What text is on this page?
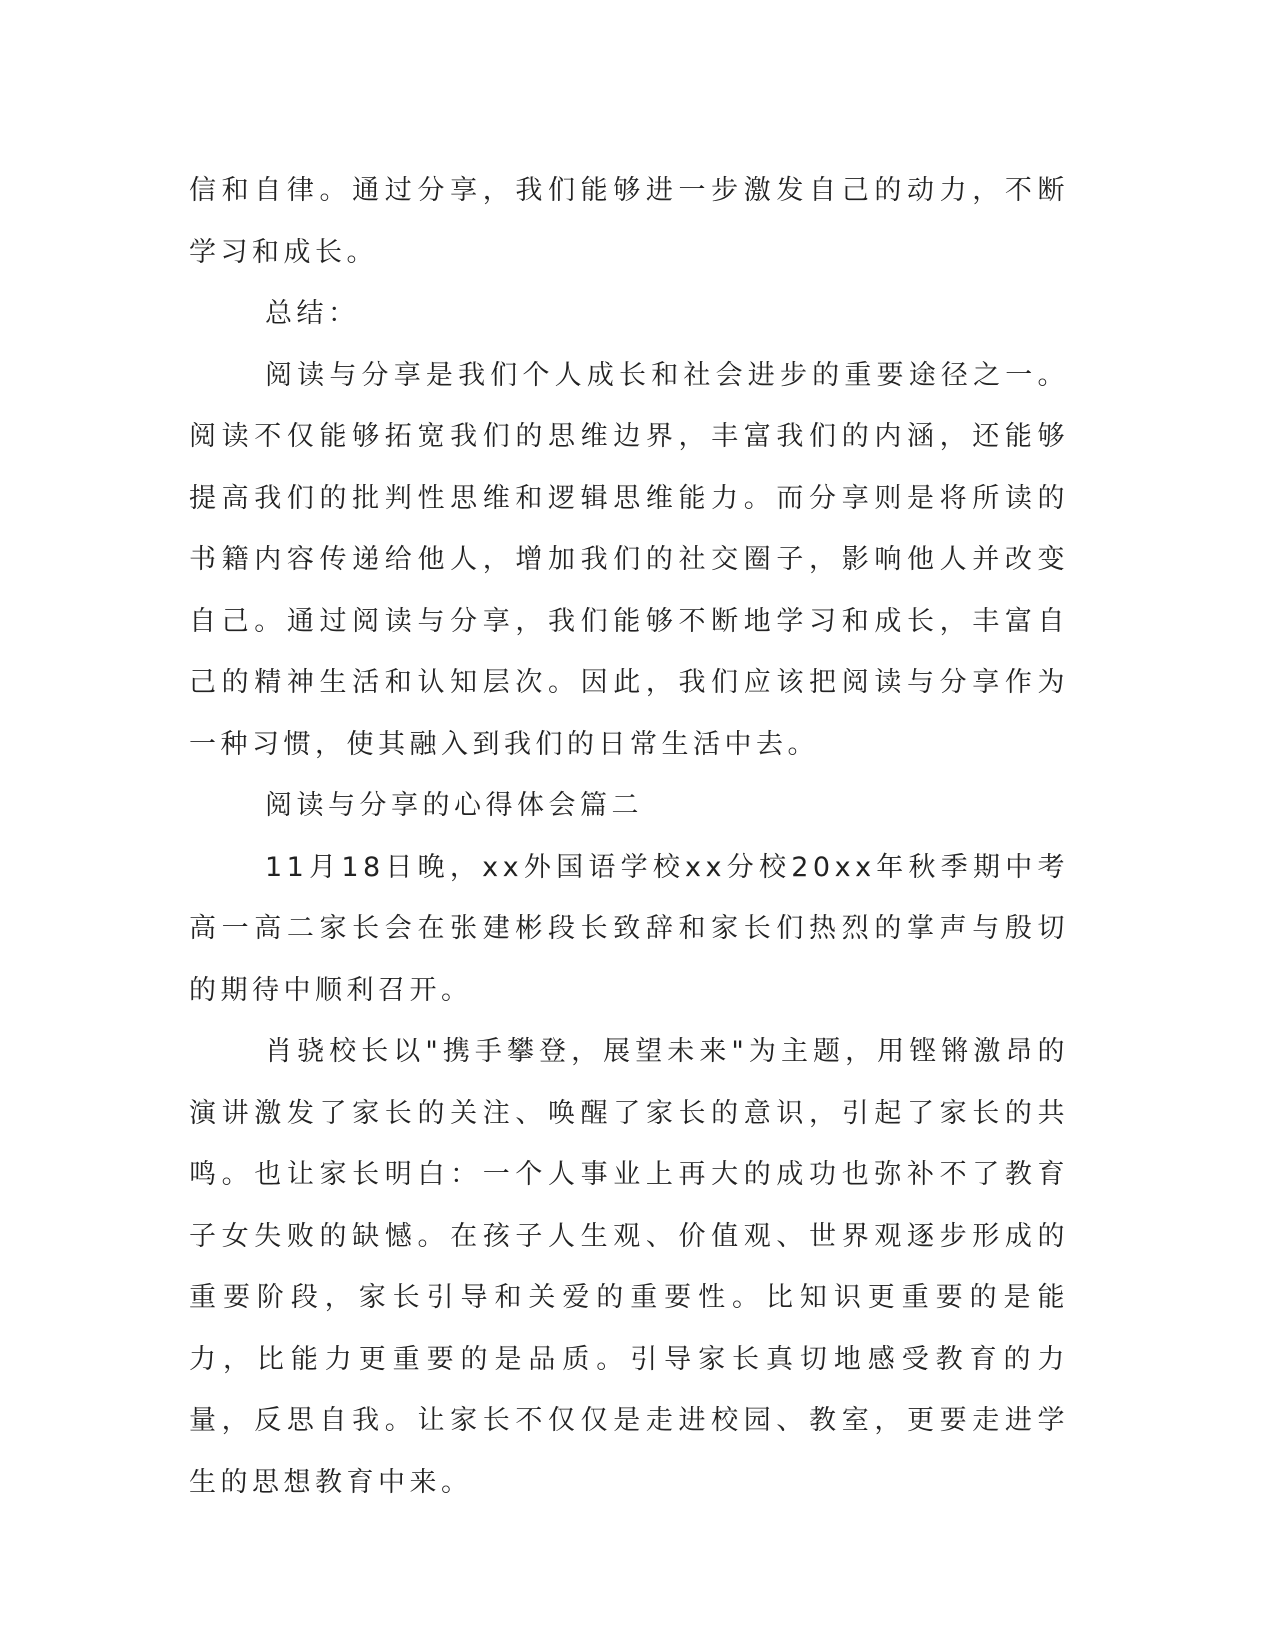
信和自律。通过分享，我们能够进一步激发自己的动力，不断学习和成长。

总结：

阅读与分享是我们个人成长和社会进步的重要途径之一。阅读不仅能够拓宽我们的思维边界，丰富我们的内涵，还能够提高我们的批判性思维和逻辑思维能力。而分享则是将所读的书籍内容传递给他人，增加我们的社交圈子，影响他人并改变自己。通过阅读与分享，我们能够不断地学习和成长，丰富自己的精神生活和认知层次。因此，我们应该把阅读与分享作为一种习惯，使其融入到我们的日常生活中去。

阅读与分享的心得体会篇二

11月18日晚，xx外国语学校xx分校20xx年秋季期中考高一高二家长会在张建彬段长致辞和家长们热烈的掌声与殷切的期待中顺利召开。

肖骁校长以"携手攀登，展望未来"为主题，用铿锵激昂的演讲激发了家长的关注、唤醒了家长的意识，引起了家长的共鸣。也让家长明白：一个人事业上再大的成功也弥补不了教育子女失败的缺憾。在孩子人生观、价值观、世界观逐步形成的重要阶段，家长引导和关爱的重要性。比知识更重要的是能力，比能力更重要的是品质。引导家长真切地感受教育的力量，反思自我。让家长不仅仅是走进校园、教室，更要走进学生的思想教育中来。
